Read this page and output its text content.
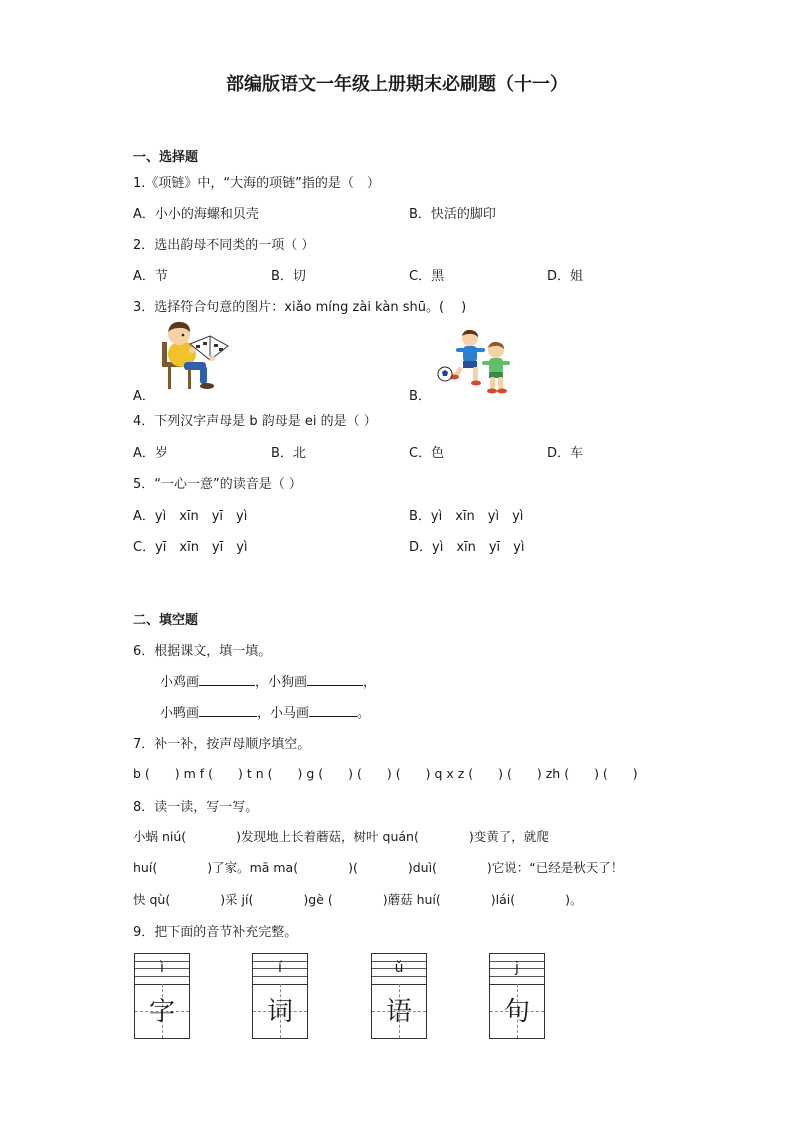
部编版语文一年级上册期末必刷题（十一）
一、选择题
1.《项链》中，“大海的项链”指的是（　）
A．小小的海螺和贝壳	B．快活的脚印
2．选出韵母不同类的一项（ ）
A．节	B．切	C．黑	D．姐
3．选择符合句意的图片：xiǎo míng zài kàn shū。(　 )
A．	B．
4．下列汉字声母是 b 韵母是 ei 的是（ ）
A．岁	B．北	C．色	D．车
5．“一心一意”的读音是（ ）
A．yì　xīn　yī　yì	B．yì　xīn　yì　yì
C．yī　xīn　yī　yì	D．yì　xīn　yī　yì
二、填空题
6．根据课文，填一填。
小鸡画	，小狗画	，
小鸭画	，小马画	。
7．补一补，按声母顺序填空。
b (　　) m f (　　) t n (　　) g (　　) (　　) (　　) q x z (　　) (　　) zh (　　) (　　)
8．读一读，写一写。
小蜗 niú(　　　　)发现地上长着蘑菇，树叶 quán(　　　　)变黄了，就爬
huí(　　　　)了家。mā ma(　　　　)(　　　　)duì(　　　　)它说：“已经是秋天了！
快 qù(　　　　)采 jí(　　　　)gè (　　　　)蘑菇 huí(　　　　)lái(　　　　)。
9．把下面的音节补充完整。
ì
字
í
词
ǔ
语
j
句
